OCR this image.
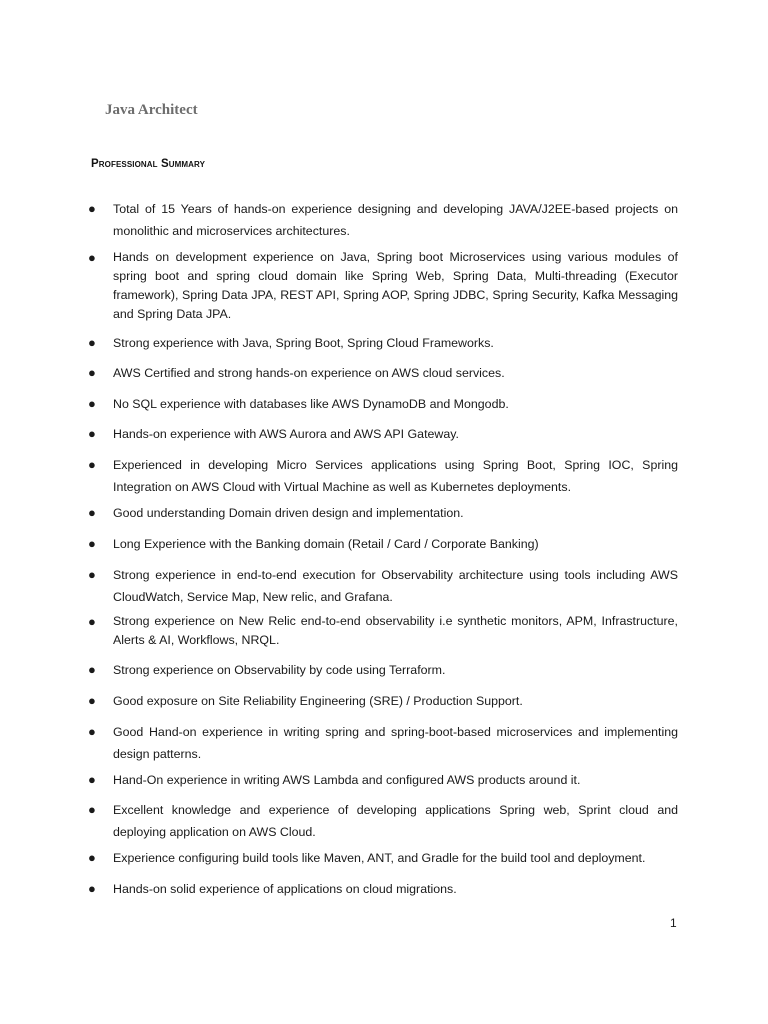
Java Architect
Professional Summary
● Total of 15 Years of hands-on experience designing and developing JAVA/J2EE-based projects on monolithic and microservices architectures.
● Hands on development experience on Java, Spring boot Microservices using various modules of spring boot and spring cloud domain like Spring Web, Spring Data, Multi-threading (Executor framework), Spring Data JPA, REST API, Spring AOP, Spring JDBC, Spring Security, Kafka Messaging and Spring Data JPA.
● Strong experience with Java, Spring Boot, Spring Cloud Frameworks.
● AWS Certified and strong hands-on experience on AWS cloud services.
● No SQL experience with databases like AWS DynamoDB and Mongodb.
● Hands-on experience with AWS Aurora and AWS API Gateway.
● Experienced in developing Micro Services applications using Spring Boot, Spring IOC, Spring Integration on AWS Cloud with Virtual Machine as well as Kubernetes deployments.
● Good understanding Domain driven design and implementation.
● Long Experience with the Banking domain (Retail / Card / Corporate Banking)
● Strong experience in end-to-end execution for Observability architecture using tools including AWS CloudWatch, Service Map, New relic, and Grafana.
● Strong experience on New Relic end-to-end observability i.e synthetic monitors, APM, Infrastructure, Alerts & AI, Workflows, NRQL.
● Strong experience on Observability by code using Terraform.
● Good exposure on Site Reliability Engineering (SRE) / Production Support.
● Good Hand-on experience in writing spring and spring-boot-based microservices and implementing design patterns.
● Hand-On experience in writing AWS Lambda and configured AWS products around it.
● Excellent knowledge and experience of developing applications Spring web, Sprint cloud and deploying application on AWS Cloud.
● Experience configuring build tools like Maven, ANT, and Gradle for the build tool and deployment.
● Hands-on solid experience of applications on cloud migrations.
1
